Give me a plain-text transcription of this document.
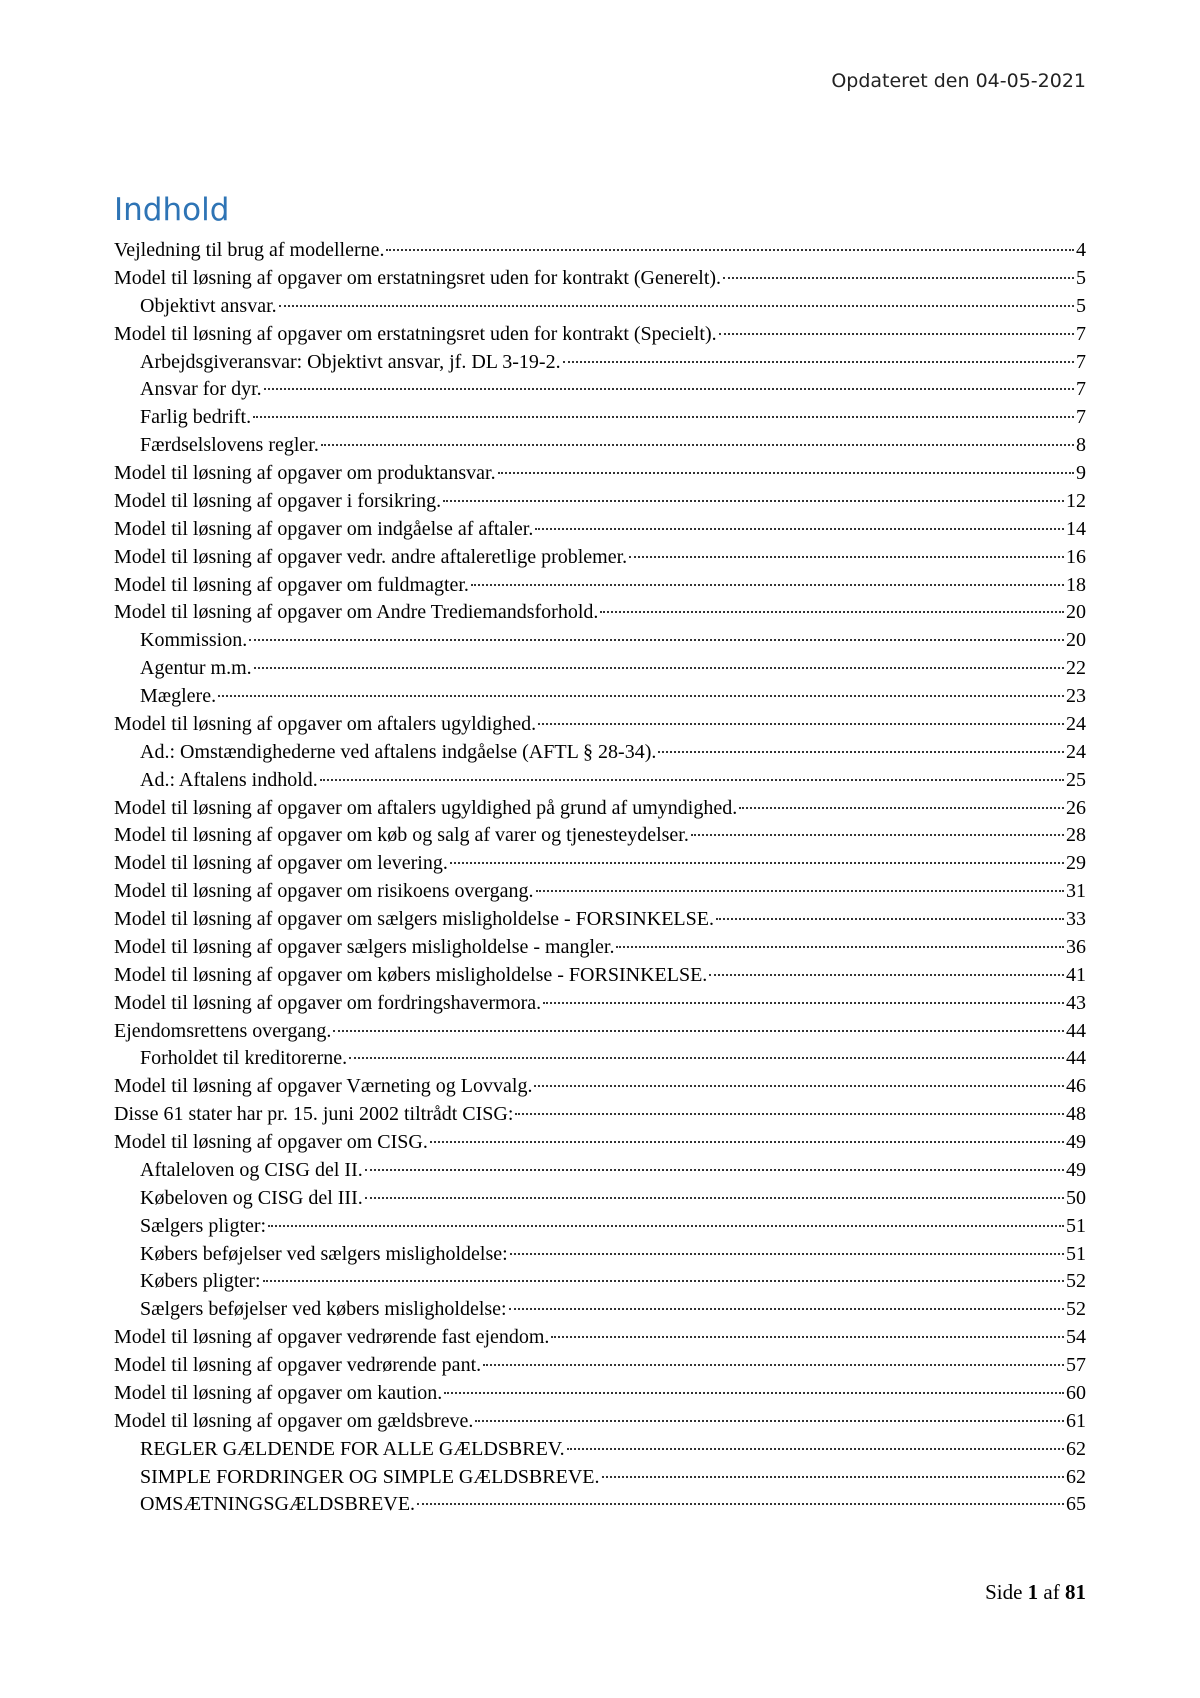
Opdateret den 04-05-2021
Indhold
Vejledning til brug af modellerne.	4
Model til løsning af opgaver om erstatningsret uden for kontrakt (Generelt).	5
Objektivt ansvar.	5
Model til løsning af opgaver om erstatningsret uden for kontrakt (Specielt).	7
Arbejdsgiveransvar: Objektivt ansvar, jf. DL 3-19-2.	7
Ansvar for dyr.	7
Farlig bedrift.	7
Færdselslovens regler.	8
Model til løsning af opgaver om produktansvar.	9
Model til løsning af opgaver i forsikring.	12
Model til løsning af opgaver om indgåelse af aftaler.	14
Model til løsning af opgaver vedr. andre aftaleretlige problemer.	16
Model til løsning af opgaver om fuldmagter.	18
Model til løsning af opgaver om Andre Trediemandsforhold.	20
Kommission.	20
Agentur m.m.	22
Mæglere.	23
Model til løsning af opgaver om aftalers ugyldighed.	24
Ad.: Omstændighederne ved aftalens indgåelse (AFTL § 28-34).	24
Ad.: Aftalens indhold.	25
Model til løsning af opgaver om aftalers ugyldighed på grund af umyndighed.	26
Model til løsning af opgaver om køb og salg af varer og tjenesteydelser.	28
Model til løsning af opgaver om levering.	29
Model til løsning af opgaver om risikoens overgang.	31
Model til løsning af opgaver om sælgers misligholdelse - FORSINKELSE.	33
Model til løsning af opgaver sælgers misligholdelse - mangler.	36
Model til løsning af opgaver om købers misligholdelse - FORSINKELSE.	41
Model til løsning af opgaver om fordringshavermora.	43
Ejendomsrettens overgang.	44
Forholdet til kreditorerne.	44
Model til løsning af opgaver Værneting og Lovvalg.	46
Disse 61 stater har pr. 15. juni 2002 tiltrådt CISG:	48
Model til løsning af opgaver om CISG.	49
Aftaleloven og CISG del II.	49
Købeloven og CISG del III.	50
Sælgers pligter:	51
Købers beføjelser ved sælgers misligholdelse:	51
Købers pligter:	52
Sælgers beføjelser ved købers misligholdelse:	52
Model til løsning af opgaver vedrørende fast ejendom.	54
Model til løsning af opgaver vedrørende pant.	57
Model til løsning af opgaver om kaution.	60
Model til løsning af opgaver om gældsbreve.	61
REGLER GÆLDENDE FOR ALLE GÆLDSBREV.	62
SIMPLE FORDRINGER OG SIMPLE GÆLDSBREVE.	62
OMSÆTNINGSGÆLDSBREVE.	65
Side 1 af 81
